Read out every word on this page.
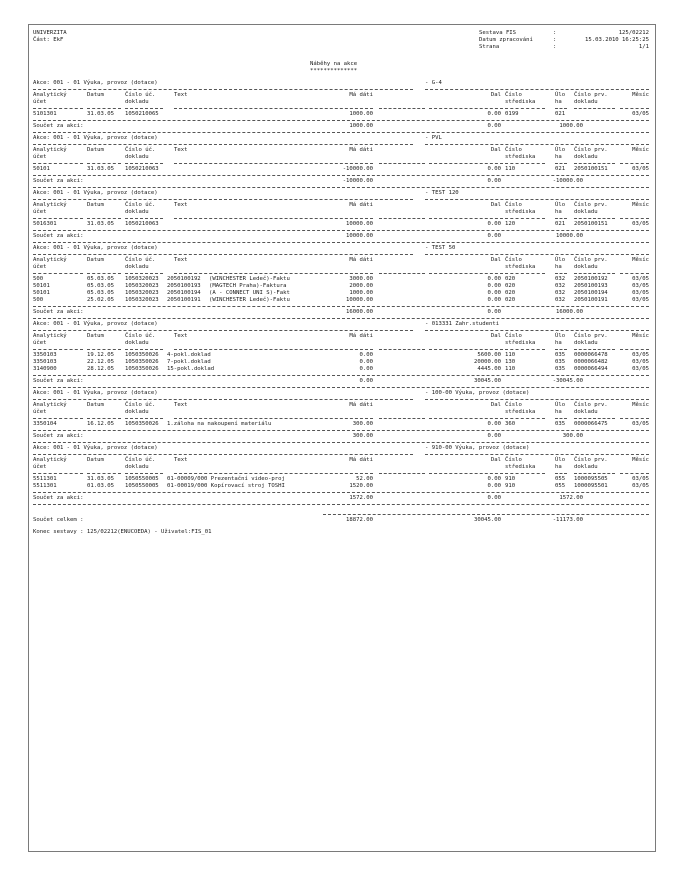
UNIVERZITA	Sestava FIS	:	125/02212
Část: EkF	Datum zpracování	:	15.03.2010 16:25:25
Strana	:	1/1
Náběhy na akce
**************
Akce: 001 - 01 Výuka, provoz (dotace)	- G-4
Analytický	Datum	Číslo úč.	Text	Má dáti	Dal Číslo	Úlo Číslo prv.	Měsíc
účet	dokladu	střediska	ha dokladu
5101301	31.03.05 1050210065	1000.00	0.00 0199	021	03/05
Součet za akci:	1000.00	0.00	1000.00
Akce: 001 - 01 Výuka, provoz (dotace)	- PVL
Analytický	Datum	Číslo úč.	Text	Má dáti	Dal Číslo	Úlo Číslo prv.	Měsíc
účet	dokladu	střediska	ha dokladu
50101	31.03.05 1050210063	-10000.00	0.00 110	021 2050100151	03/05
Součet za akci:	-10000.00	0.00	-10000.00
Akce: 001 - 01 Výuka, provoz (dotace)	- TEST 120
Analytický	Datum	Číslo úč.	Text	Má dáti	Dal Číslo	Úlo Číslo prv.	Měsíc
účet	dokladu	střediska	ha dokladu
5016301	31.03.05 1050210063	10000.00	0.00 120	021 2050100151	03/05
Součet za akci:	10000.00	0.00	10000.00
Akce: 001 - 01 Výuka, provoz (dotace)	- TEST 50
Analytický	Datum	Číslo úč.	Text	Má dáti	Dal Číslo	Úlo Číslo prv.	Měsíc
účet	dokladu	střediska	ha dokladu
500	05.03.05 1050320023 2050100192 (WINCHESTER Ledeč)-Faktu	3000.00	0.00 020	032 2050100192	03/05
50101	05.03.05 1050320023 2050100193 (MAGTECH Praha)-Faktura	2000.00	0.00 020	032 2050100193	03/05
50101	05.03.05 1050320023 2050100194 (A - CONNECT UNI S)-Fakt	1000.00	0.00 020	032 2050100194	03/05
500	25.02.05 1050320023 2050100191 (WINCHESTER Ledeč)-Faktu	10000.00	0.00 020	032 2050100191	03/05
Součet za akci:	16000.00	0.00	16000.00
Akce: 001 - 01 Výuka, provoz (dotace)	- 013331 Zahr.studenti
Analytický	Datum	Číslo úč.	Text	Má dáti	Dal Číslo	Úlo Číslo prv.	Měsíc
účet	dokladu	střediska	ha dokladu
3350103	19.12.05 1050350026 4-pokl.doklad	0.00	5600.00 110	035 0000066478	03/05
3350103	22.12.05 1050350026 7-pokl.doklad	0.00	20000.00 130	035 0000066482	03/05
3140900	28.12.05 1050350026 15-pokl.doklad	0.00	4445.00 110	035 0000066494	03/05
Součet za akci:	0.00	30045.00	-30045.00
Akce: 001 - 01 Výuka, provoz (dotace)	- 100-00 Výuka, provoz (dotace)
Analytický	Datum	Číslo úč.	Text	Má dáti	Dal Číslo	Úlo Číslo prv.	Měsíc
účet	dokladu	střediska	ha dokladu
3350104	16.12.05 1050350026 1.záloha na nakoupení materiálu	300.00	0.00 360	035 0000066475	03/05
Součet za akci:	300.00	0.00	300.00
Akce: 001 - 01 Výuka, provoz (dotace)	- 910-00 Výuka, provoz (dotace)
Analytický	Datum	Číslo úč.	Text	Má dáti	Dal Číslo	Úlo Číslo prv.	Měsíc
účet	dokladu	střediska	ha dokladu
5511301	31.03.05 1050550005 01-00009/000 Prezentační video-proj	52.00	0.00 910	055 1000095505	03/05
5511301	01.03.05 1050550005 01-00019/000 Kopírovací stroj TOSHI	1520.00	0.00 910	055 1000095501	03/05
Součet za akci:	1572.00	0.00	1572.00
Součet celkem :	18872.00	30045.00	-11173.00
Konec sestavy : 125/02212(ENUCOEDA) - Uživatel:FIS_01
